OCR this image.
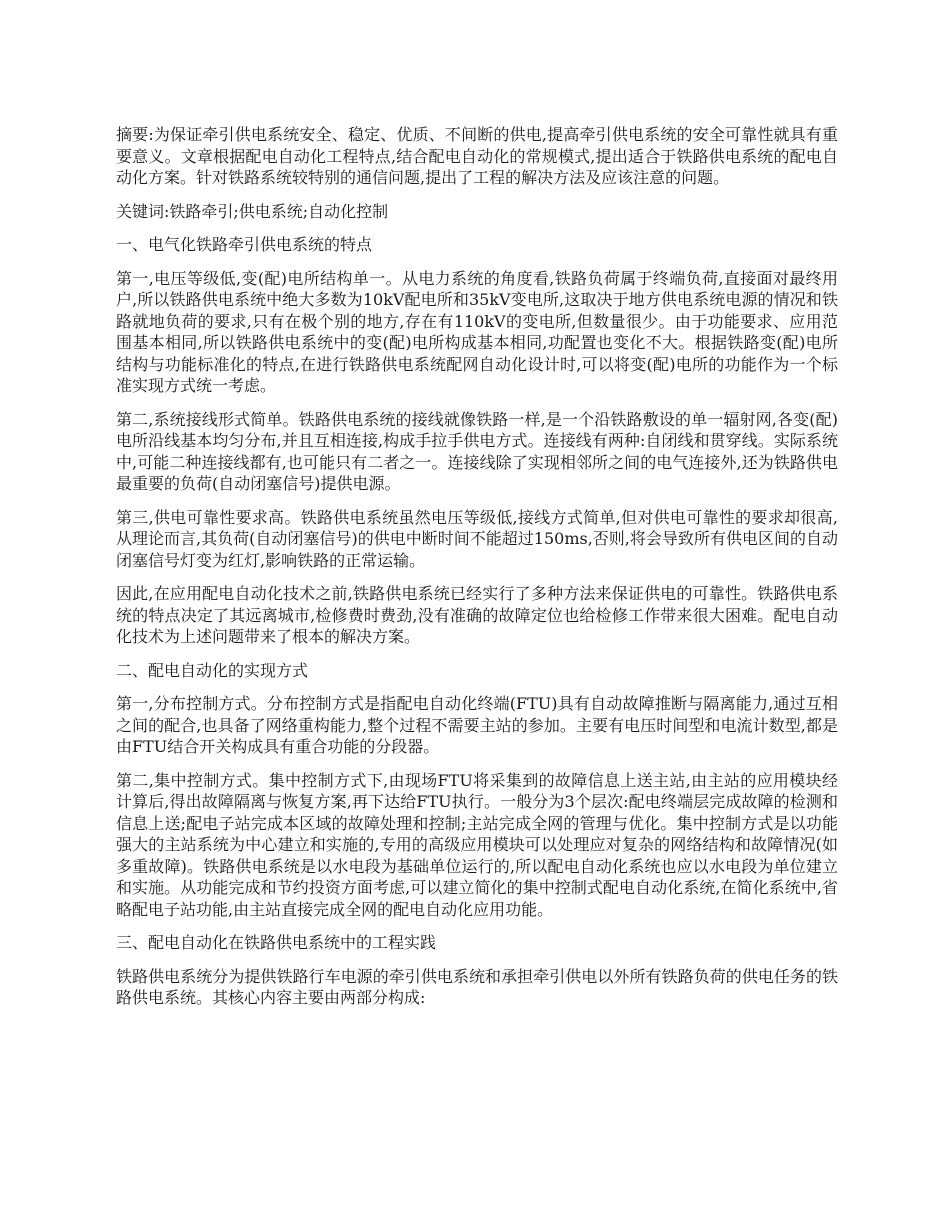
摘要:为保证牵引供电系统安全、稳定、优质、不间断的供电,提高牵引供电系统的安全可靠性就具有重要意义。文章根据配电自动化工程特点,结合配电自动化的常规模式,提出适合于铁路供电系统的配电自动化方案。针对铁路系统较特别的通信问题,提出了工程的解决方法及应该注意的问题。

关键词:铁路牵引;供电系统;自动化控制

一、电气化铁路牵引供电系统的特点

第一,电压等级低,变(配)电所结构单一。从电力系统的角度看,铁路负荷属于终端负荷,直接面对最终用户,所以铁路供电系统中绝大多数为10kV配电所和35kV变电所,这取决于地方供电系统电源的情况和铁路就地负荷的要求,只有在极个别的地方,存在有110kV的变电所,但数量很少。由于功能要求、应用范围基本相同,所以铁路供电系统中的变(配)电所构成基本相同,功配置也变化不大。根据铁路变(配)电所结构与功能标准化的特点,在进行铁路供电系统配网自动化设计时,可以将变(配)电所的功能作为一个标准实现方式统一考虑。

第二,系统接线形式简单。铁路供电系统的接线就像铁路一样,是一个沿铁路敷设的单一辐射网,各变(配)电所沿线基本均匀分布,并且互相连接,构成手拉手供电方式。连接线有两种:自闭线和贯穿线。实际系统中,可能二种连接线都有,也可能只有二者之一。连接线除了实现相邻所之间的电气连接外,还为铁路供电最重要的负荷(自动闭塞信号)提供电源。

第三,供电可靠性要求高。铁路供电系统虽然电压等级低,接线方式简单,但对供电可靠性的要求却很高,从理论而言,其负荷(自动闭塞信号)的供电中断时间不能超过150ms,否则,将会导致所有供电区间的自动闭塞信号灯变为红灯,影响铁路的正常运输。

因此,在应用配电自动化技术之前,铁路供电系统已经实行了多种方法来保证供电的可靠性。铁路供电系统的特点决定了其远离城市,检修费时费劲,没有准确的故障定位也给检修工作带来很大困难。配电自动化技术为上述问题带来了根本的解决方案。

二、配电自动化的实现方式

第一,分布控制方式。分布控制方式是指配电自动化终端(FTU)具有自动故障推断与隔离能力,通过互相之间的配合,也具备了网络重构能力,整个过程不需要主站的参加。主要有电压时间型和电流计数型,都是由FTU结合开关构成具有重合功能的分段器。

第二,集中控制方式。集中控制方式下,由现场FTU将采集到的故障信息上送主站,由主站的应用模块经计算后,得出故障隔离与恢复方案,再下达给FTU执行。一般分为3个层次:配电终端层完成故障的检测和信息上送;配电子站完成本区域的故障处理和控制;主站完成全网的管理与优化。集中控制方式是以功能强大的主站系统为中心建立和实施的,专用的高级应用模块可以处理应对复杂的网络结构和故障情况(如多重故障)。铁路供电系统是以水电段为基础单位运行的,所以配电自动化系统也应以水电段为单位建立和实施。从功能完成和节约投资方面考虑,可以建立简化的集中控制式配电自动化系统,在简化系统中,省略配电子站功能,由主站直接完成全网的配电自动化应用功能。

三、配电自动化在铁路供电系统中的工程实践

铁路供电系统分为提供铁路行车电源的牵引供电系统和承担牵引供电以外所有铁路负荷的供电任务的铁路供电系统。其核心内容主要由两部分构成:
